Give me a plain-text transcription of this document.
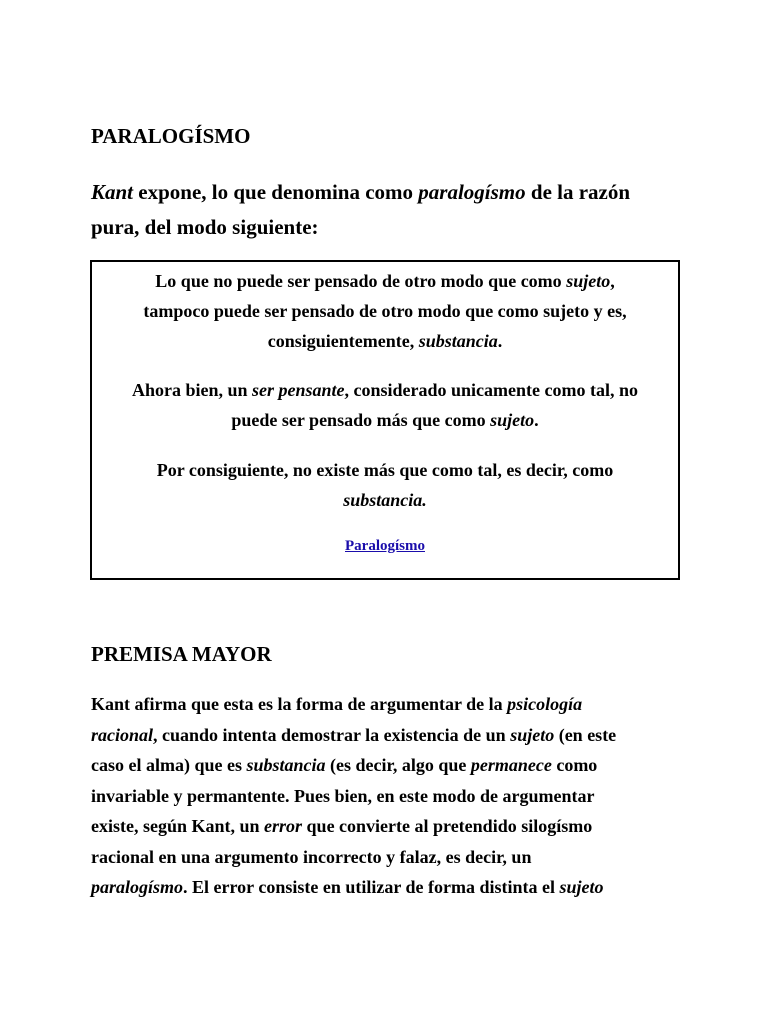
PARALOGÍSMO

Kant expone, lo que denomina como paralogísmo de la razón
pura, del modo siguiente:

Lo que no puede ser pensado de otro modo que como sujeto,
tampoco puede ser pensado de otro modo que como sujeto y es,
consiguientemente, substancia.

Ahora bien, un ser pensante, considerado unicamente como tal, no
puede ser pensado más que como sujeto.

Por consiguiente, no existe más que como tal, es decir, como
substancia.

Paralogísmo
PREMISA MAYOR

Kant afirma que esta es la forma de argumentar de la psicología
racional, cuando intenta demostrar la existencia de un sujeto (en este
caso el alma) que es substancia (es decir, algo que permanece como
invariable y permantente. Pues bien, en este modo de argumentar
existe, según Kant, un error que convierte al pretendido silogísmo
racional en una argumento incorrecto y falaz, es decir, un
paralogísmo. El error consiste en utilizar de forma distinta el sujeto
